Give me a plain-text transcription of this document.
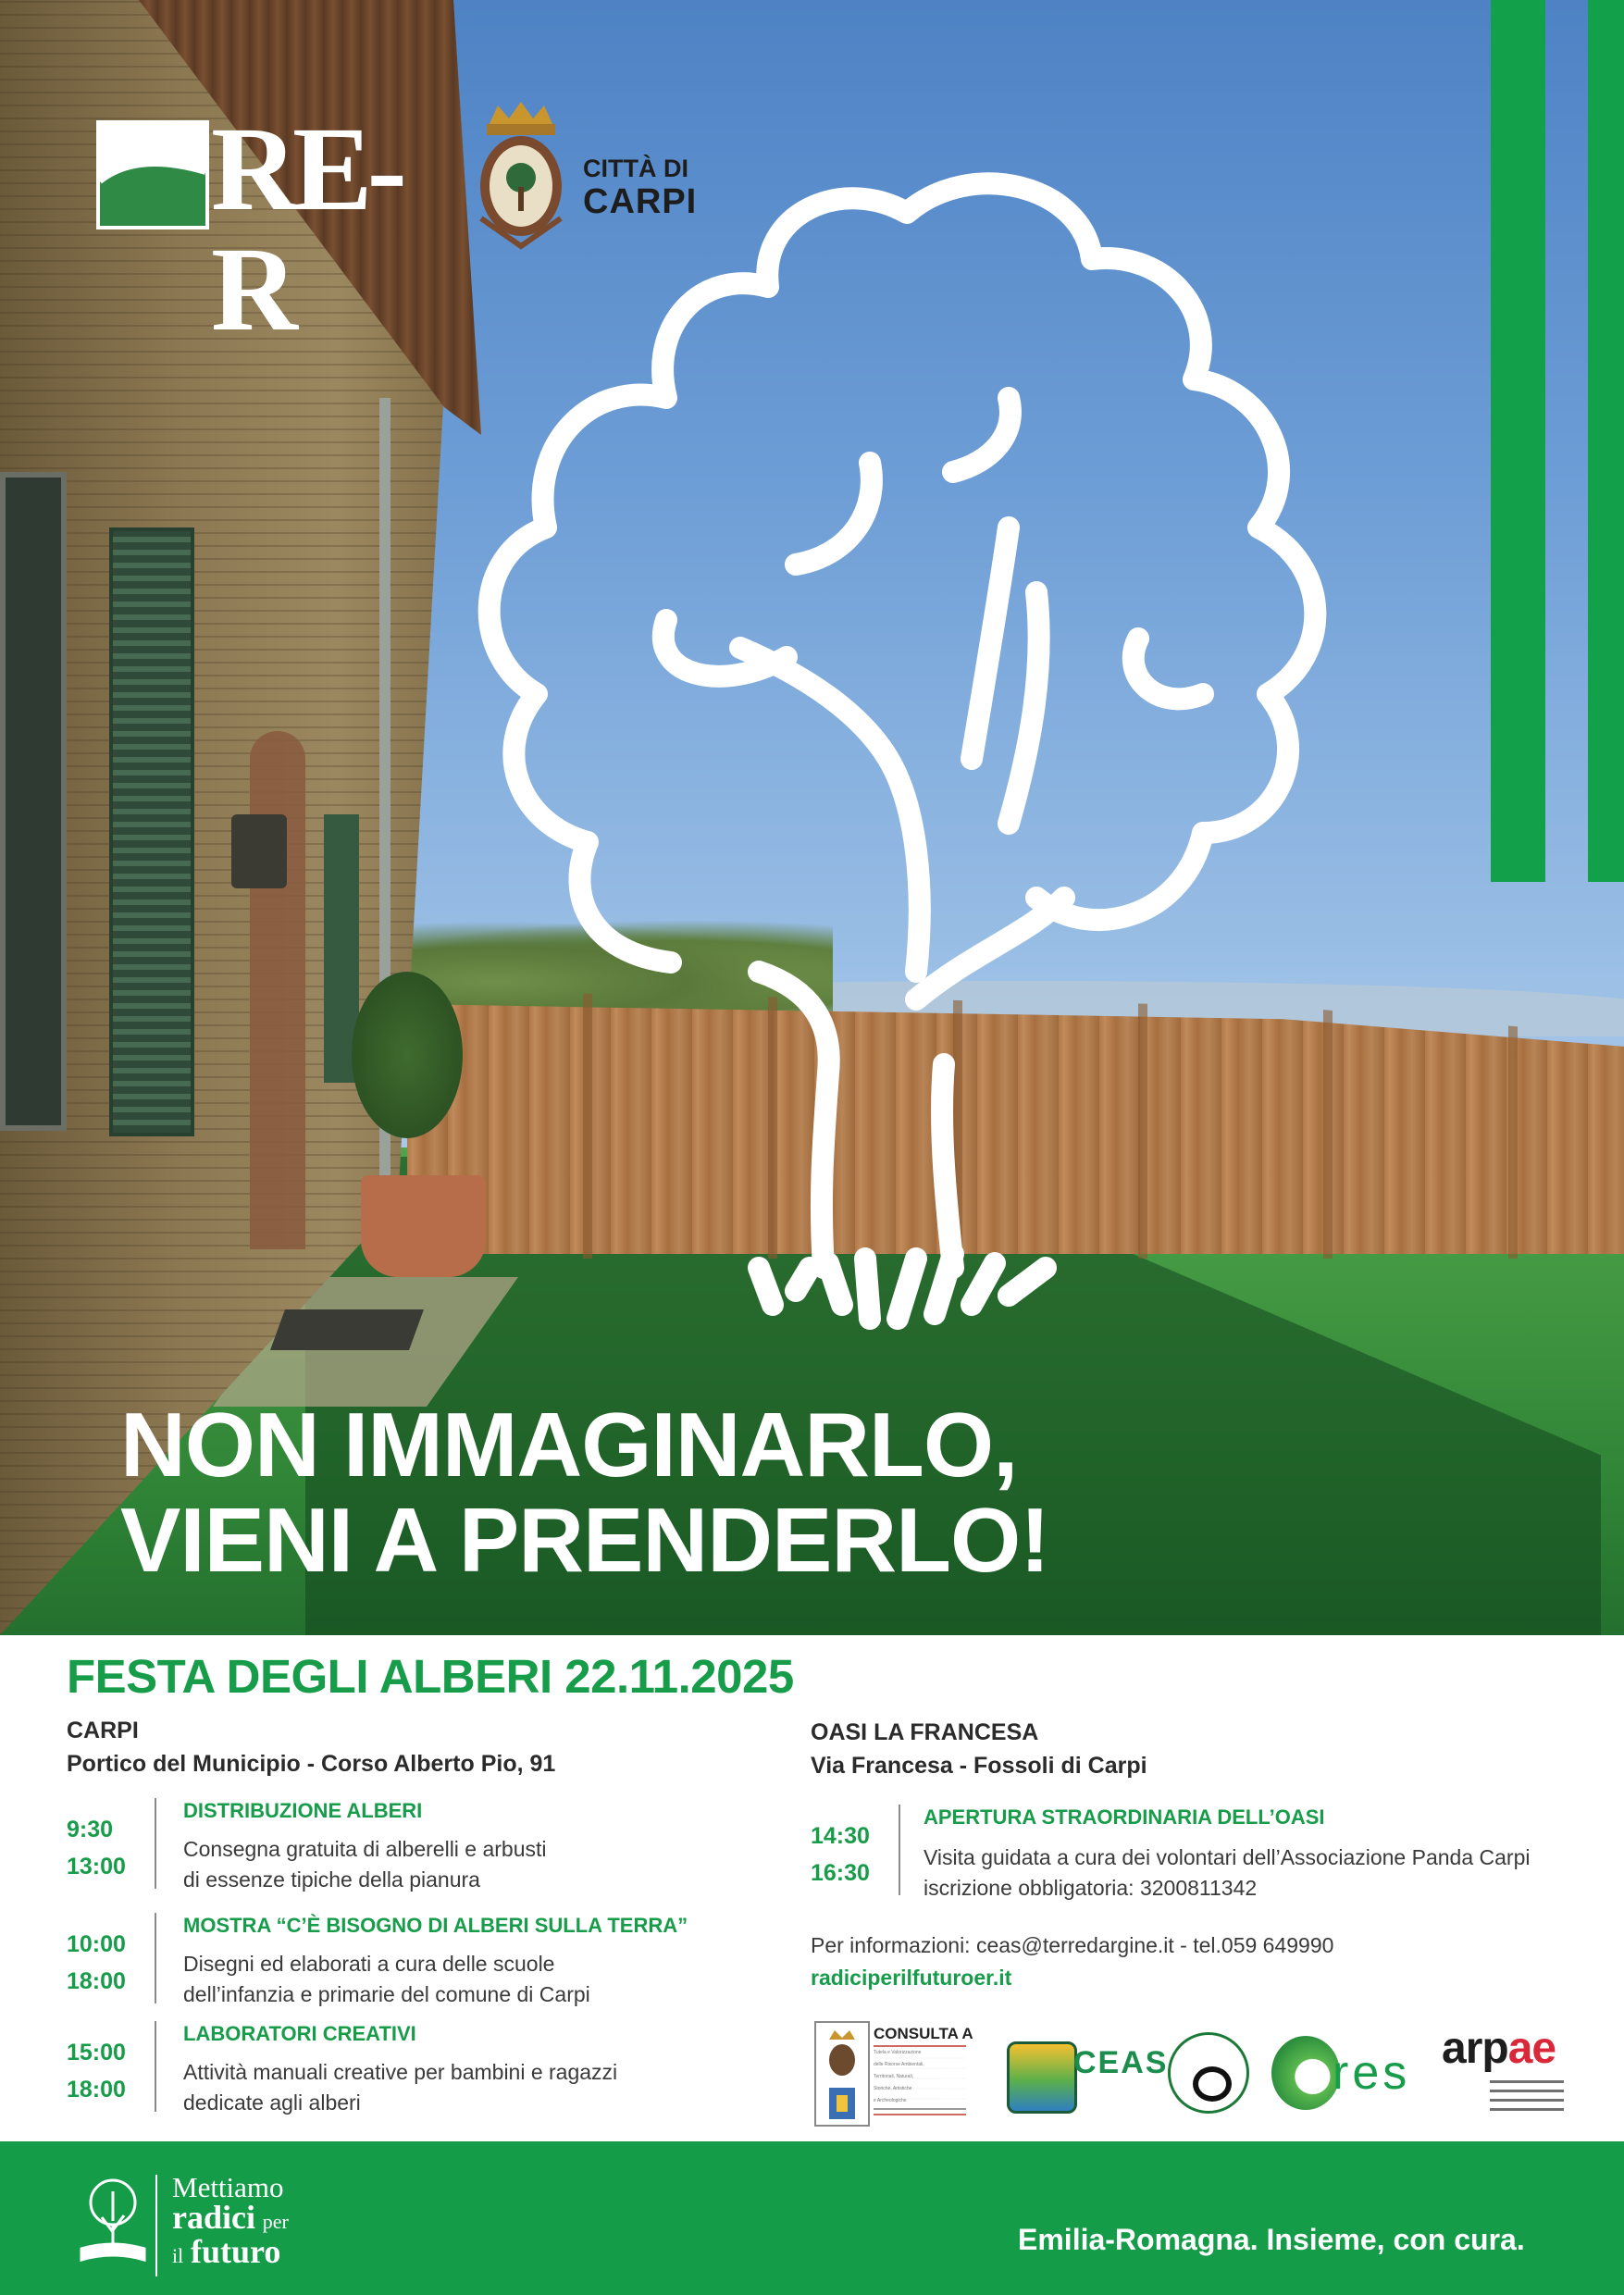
RE-R
CITTÀ DI
CARPI
NON IMMAGINARLO,
VIENI A PRENDERLO!
FESTA DEGLI ALBERI 22.11.2025
CARPI
Portico del Municipio - Corso Alberto Pio, 91
9:30
13:00
DISTRIBUZIONE ALBERI
Consegna gratuita di alberelli e arbusti
di essenze tipiche della pianura
10:00
18:00
MOSTRA “C’È BISOGNO DI ALBERI SULLA TERRA”
Disegni ed elaborati a cura delle scuole
dell’infanzia e primarie del comune di Carpi
15:00
18:00
LABORATORI CREATIVI
Attività manuali creative per bambini e ragazzi
dedicate agli alberi
OASI LA FRANCESA
Via Francesa - Fossoli di Carpi
14:30
16:30
APERTURA STRAORDINARIA DELL’OASI
Visita guidata a cura dei volontari dell’Associazione Panda Carpi
iscrizione obbligatoria: 3200811342
Per informazioni: ceas@terredargine.it - tel.059 649990
radiciperilfuturoer.it
CONSULTA A
Tutela e Valorizzazione
delle Risorse Ambientali,
Territoriali, Naturali,
Storiche, Artistiche
e Archeologiche
CEAS	res arpae
Mettiamo
radici per
il futuro	Emilia-Romagna. Insieme, con cura.
